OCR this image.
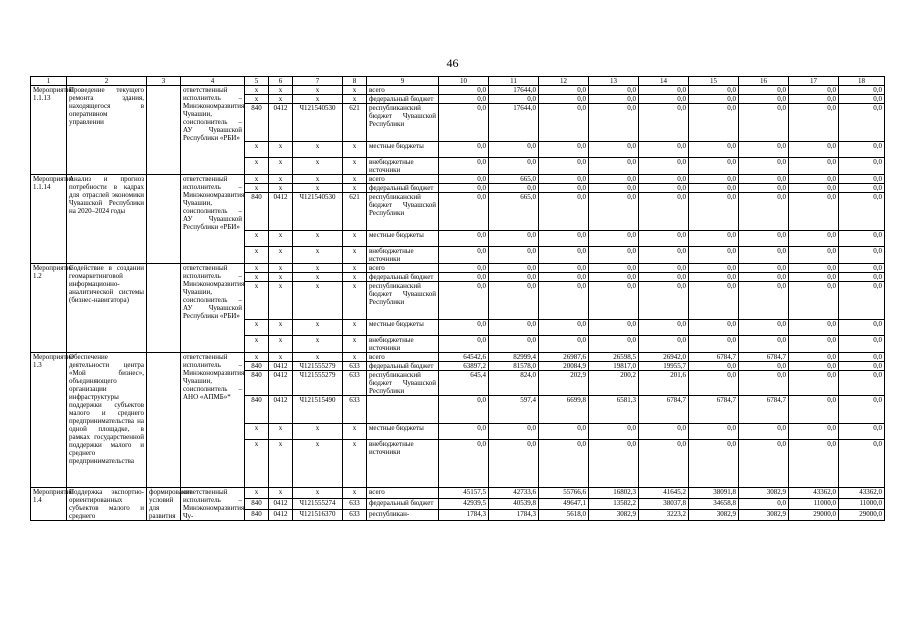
46
1	2	3	4	5	6	7	8	9	10	11	12	13	14	15	16	17	18
Мероприятие 1.1.13	Проведение текущего ремонта здания, находящегося в оперативном управлении		ответственный исполнитель – Минэкономразвития Чувашии, соисполнитель – АУ Чувашской Республики «РБИ»	x	x	x	x	всего	0,0	17644,0	0,0	0,0	0,0	0,0	0,0	0,0	0,0
				x	x	x	x	федеральный бюджет	0,0	0,0	0,0	0,0	0,0	0,0	0,0	0,0	0,0
				840	0412	Ч121540530	621	республиканский бюджет Чувашской Республики	0,0	17644,0	0,0	0,0	0,0	0,0	0,0	0,0	0,0
				x	x	x	x	местные бюджеты	0,0	0,0	0,0	0,0	0,0	0,0	0,0	0,0	0,0
				x	x	x	x	внебюджетные источники	0,0	0,0	0,0	0,0	0,0	0,0	0,0	0,0	0,0
Мероприятие 1.1.14	Анализ и прогноз потребности в кадрах для отраслей экономики Чувашской Республики на 2020–2024 годы		ответственный исполнитель – Минэкономразвития Чувашии, соисполнитель – АУ Чувашской Республики «РБИ»	x	x	x	x	всего	0,0	665,0	0,0	0,0	0,0	0,0	0,0	0,0	0,0
				x	x	x	x	федеральный бюджет	0,0	0,0	0,0	0,0	0,0	0,0	0,0	0,0	0,0
				840	0412	Ч121540530	621	республиканский бюджет Чувашской Республики	0,0	665,0	0,0	0,0	0,0	0,0	0,0	0,0	0,0
				x	x	x	x	местные бюджеты	0,0	0,0	0,0	0,0	0,0	0,0	0,0	0,0	0,0
				x	x	x	x	внебюджетные источники	0,0	0,0	0,0	0,0	0,0	0,0	0,0	0,0	0,0
Мероприятие 1.2	Содействие в создании геомаркетинговой информационно-аналитической системы (бизнес-навигатора)		ответственный исполнитель – Минэкономразвития Чувашии, соисполнитель – АУ Чувашской Республики «РБИ»	x	x	x	x	всего	0,0	0,0	0,0	0,0	0,0	0,0	0,0	0,0	0,0
				x	x	x	x	федеральный бюджет	0,0	0,0	0,0	0,0	0,0	0,0	0,0	0,0	0,0
				x	x	x	x	республиканский бюджет Чувашской Республики	0,0	0,0	0,0	0,0	0,0	0,0	0,0	0,0	0,0
				x	x	x	x	местные бюджеты	0,0	0,0	0,0	0,0	0,0	0,0	0,0	0,0	0,0
				x	x	x	x	внебюджетные источники	0,0	0,0	0,0	0,0	0,0	0,0	0,0	0,0	0,0
Мероприятие 1.3	Обеспечение деятельности центра «Мой бизнес», объединяющего организации инфраструктуры поддержки субъектов малого и среднего предпринимательства на одной площадке, в рамках государственной поддержки малого и среднего предпринимательства		ответственный исполнитель – Минэкономразвития Чувашии, соисполнитель – АНО «АПМБ»*	x	x	x	x	всего	64542,6	82999,4	26987,6	26598,5	26942,0	6784,7	6784,7	0,0	0,0
				840	0412	Ч121555279	633	федеральный бюджет	63897,2	81578,0	20084,9	19817,0	19955,7	0,0	0,0	0,0	0,0
				840	0412	Ч121555279	633	республиканский бюджет Чувашской Республики	645,4	824,0	202,9	200,2	201,6	0,0	0,0	0,0	0,0
				840	0412	Ч121515490	633		0,0	597,4	6699,8	6581,3	6784,7	6784,7	6784,7	0,0	0,0
				x	x	x	x	местные бюджеты	0,0	0,0	0,0	0,0	0,0	0,0	0,0	0,0	0,0
				x	x	x	x	внебюджетные источники	0,0	0,0	0,0	0,0	0,0	0,0	0,0	0,0	0,0
Мероприятие 1.4	Поддержка экспортно-ориентированных субъектов малого и среднего	формирование условий для развития	ответственный исполнитель – Минэкономразвития Чу-	x	x	x	x	всего	45157,5	42733,6	55766,6	16802,3	41645,2	38091,8	3082,9	43362,0	43362,0
				840	0412	Ч121555274	633	федеральный бюджет	42939,5	40539,8	49647,1	13582,2	38037,8	34658,8	0,0	11000,0	11000,0
				840	0412	Ч121516370	633	республикан-	1784,3	1784,3	5618,0	3082,9	3223,2	3082,9	3082,9	29000,0	29000,0
